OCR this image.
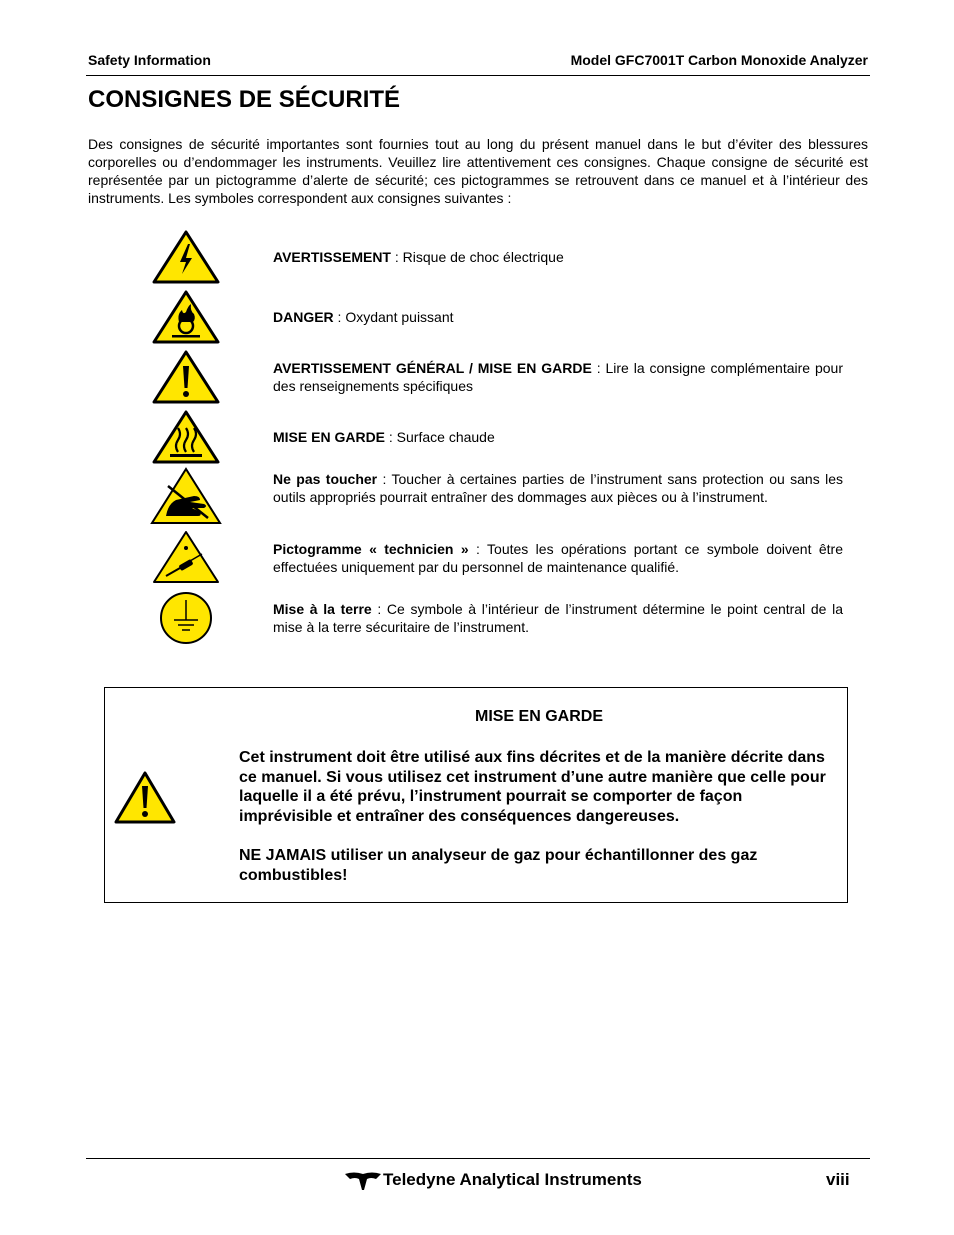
Safety Information	Model GFC7001T Carbon Monoxide Analyzer
CONSIGNES DE SÉCURITÉ

Des consignes de sécurité importantes sont fournies tout au long du présent manuel dans le but d’éviter des blessures corporelles ou d’endommager les instruments. Veuillez lire attentivement ces consignes. Chaque consigne de sécurité est représentée par un pictogramme d’alerte de sécurité; ces pictogrammes se retrouvent dans ce manuel et à l’intérieur des instruments. Les symboles correspondent aux consignes suivantes :

AVERTISSEMENT : Risque de choc électrique

DANGER : Oxydant puissant

AVERTISSEMENT GÉNÉRAL / MISE EN GARDE : Lire la consigne complémentaire pour des renseignements spécifiques

MISE EN GARDE : Surface chaude

Ne pas toucher : Toucher à certaines parties de l’instrument sans protection ou sans les outils appropriés pourrait entraîner des dommages aux pièces ou à l’instrument.

Pictogramme « technicien » : Toutes les opérations portant ce symbole doivent être effectuées uniquement par du personnel de maintenance qualifié.

Mise à la terre : Ce symbole à l’intérieur de l’instrument détermine le point central de la mise à la terre sécuritaire de l’instrument.

MISE EN GARDE

Cet instrument doit être utilisé aux fins décrites et de la manière décrite dans ce manuel. Si vous utilisez cet instrument d’une autre manière que celle pour laquelle il a été prévu, l’instrument pourrait se comporter de façon imprévisible et entraîner des conséquences dangereuses.

NE JAMAIS utiliser un analyseur de gaz pour échantillonner des gaz combustibles!

Teledyne Analytical Instruments	viii
